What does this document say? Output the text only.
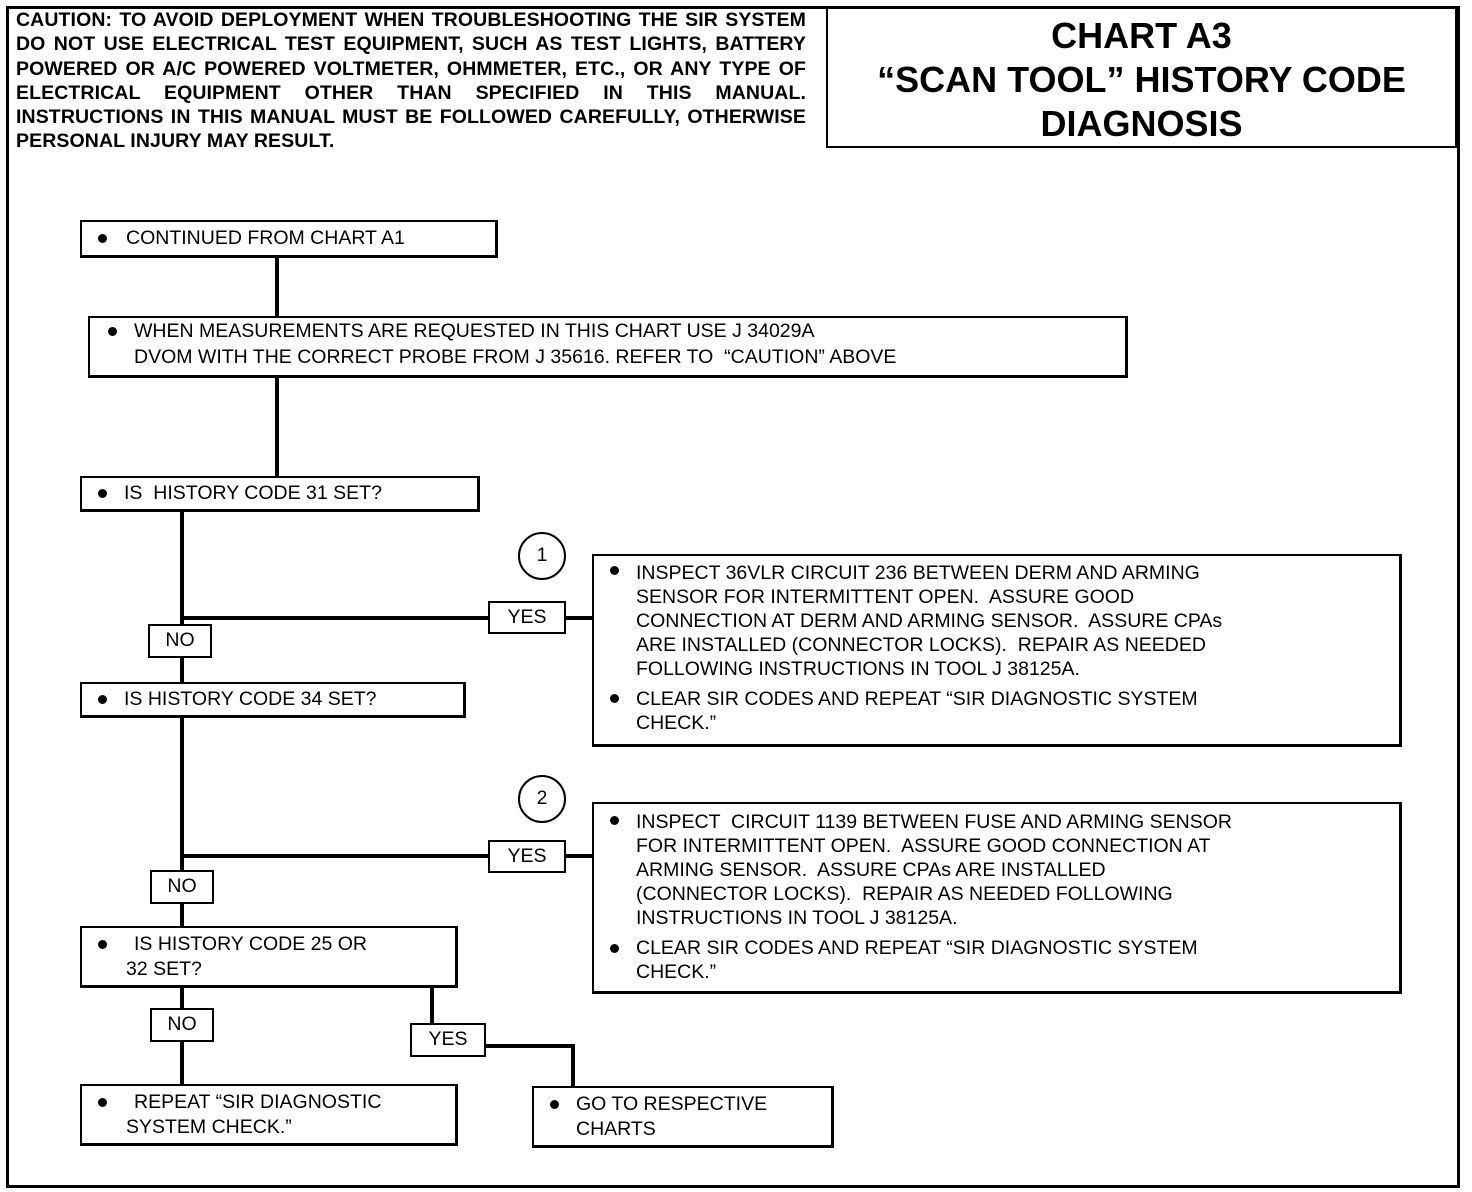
CAUTION: TO AVOID DEPLOYMENT WHEN TROUBLESHOOTING THE SIR SYSTEM DO NOT USE ELECTRICAL TEST EQUIPMENT, SUCH AS TEST LIGHTS, BATTERY POWERED OR A/C POWERED VOLTMETER, OHMMETER, ETC., OR ANY TYPE OF ELECTRICAL EQUIPMENT OTHER THAN SPECIFIED IN THIS MANUAL. INSTRUCTIONS IN THIS MANUAL MUST BE FOLLOWED CAREFULLY, OTHERWISE PERSONAL INJURY MAY RESULT.
CHART A3
“SCAN TOOL” HISTORY CODE
DIAGNOSIS
CONTINUED FROM CHART A1
WHEN MEASUREMENTS ARE REQUESTED IN THIS CHART USE J 34029A
DVOM WITH THE CORRECT PROBE FROM J 35616. REFER TO  “CAUTION” ABOVE
IS  HISTORY CODE 31 SET?
1
YES
NO
INSPECT 36VLR CIRCUIT 236 BETWEEN DERM AND ARMING
SENSOR FOR INTERMITTENT OPEN.  ASSURE GOOD
CONNECTION AT DERM AND ARMING SENSOR.  ASSURE CPAs
ARE INSTALLED (CONNECTOR LOCKS).  REPAIR AS NEEDED
FOLLOWING INSTRUCTIONS IN TOOL J 38125A.
CLEAR SIR CODES AND REPEAT “SIR DIAGNOSTIC SYSTEM
CHECK.”
IS HISTORY CODE 34 SET?
2
YES
NO
INSPECT  CIRCUIT 1139 BETWEEN FUSE AND ARMING SENSOR
FOR INTERMITTENT OPEN.  ASSURE GOOD CONNECTION AT
ARMING SENSOR.  ASSURE CPAs ARE INSTALLED
(CONNECTOR LOCKS).  REPAIR AS NEEDED FOLLOWING
INSTRUCTIONS IN TOOL J 38125A.
CLEAR SIR CODES AND REPEAT “SIR DIAGNOSTIC SYSTEM
CHECK.”
IS HISTORY CODE 25 OR
32 SET?
NO
YES
REPEAT “SIR DIAGNOSTIC
SYSTEM CHECK.”
GO TO RESPECTIVE
CHARTS
